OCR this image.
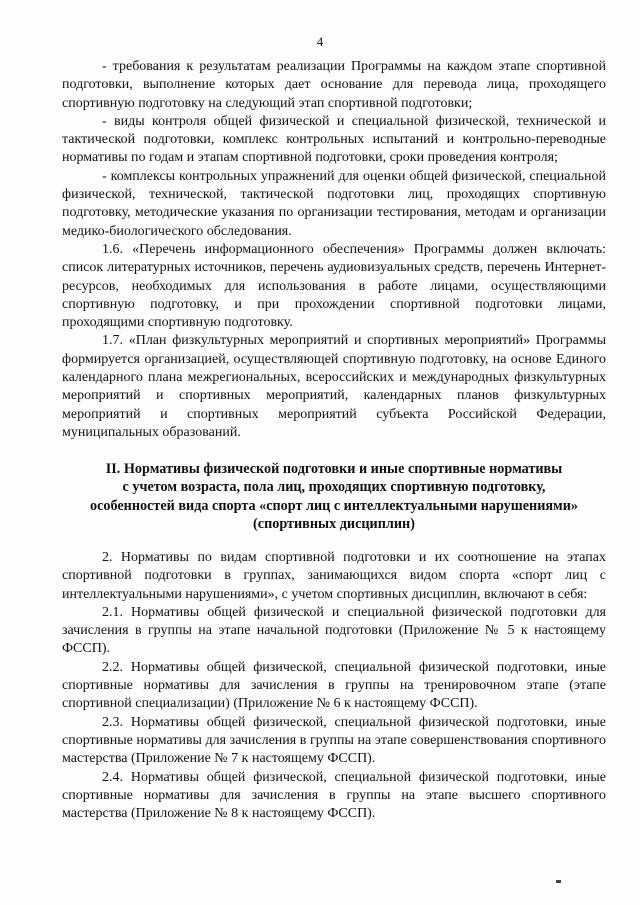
4

- требования к результатам реализации Программы на каждом этапе спортивной подготовки, выполнение которых дает основание для перевода лица, проходящего спортивную подготовку на следующий этап спортивной подготовки;

- виды контроля общей физической и специальной физической, технической и тактической подготовки, комплекс контрольных испытаний и контрольно-переводные нормативы по годам и этапам спортивной подготовки, сроки проведения контроля;

- комплексы контрольных упражнений для оценки общей физической, специальной физической, технической, тактической подготовки лиц, проходящих спортивную подготовку, методические указания по организации тестирования, методам и организации медико-биологического обследования.

1.6. «Перечень информационного обеспечения» Программы должен включать: список литературных источников, перечень аудиовизуальных средств, перечень Интернет-ресурсов, необходимых для использования в работе лицами, осуществляющими спортивную подготовку, и при прохождении спортивной подготовки лицами, проходящими спортивную подготовку.

1.7. «План физкультурных мероприятий и спортивных мероприятий» Программы формируется организацией, осуществляющей спортивную подготовку, на основе Единого календарного плана межрегиональных, всероссийских и международных физкультурных мероприятий и спортивных мероприятий, календарных планов физкультурных мероприятий и спортивных мероприятий субъекта Российской Федерации, муниципальных образований.

II. Нормативы физической подготовки и иные спортивные нормативы
с учетом возраста, пола лиц, проходящих спортивную подготовку,
особенностей вида спорта «спорт лиц с интеллектуальными нарушениями»
(спортивных дисциплин)

2. Нормативы по видам спортивной подготовки и их соотношение на этапах спортивной подготовки в группах, занимающихся видом спорта «спорт лиц с интеллектуальными нарушениями», с учетом спортивных дисциплин, включают в себя:

2.1. Нормативы общей физической и специальной физической подготовки для зачисления в группы на этапе начальной подготовки (Приложение № 5 к настоящему ФССП).

2.2. Нормативы общей физической, специальной физической подготовки, иные спортивные нормативы для зачисления в группы на тренировочном этапе (этапе спортивной специализации) (Приложение № 6 к настоящему ФССП).

2.3. Нормативы общей физической, специальной физической подготовки, иные спортивные нормативы для зачисления в группы на этапе совершенствования спортивного мастерства (Приложение № 7 к настоящему ФССП).

2.4. Нормативы общей физической, специальной физической подготовки, иные спортивные нормативы для зачисления в группы на этапе высшего спортивного мастерства (Приложение № 8 к настоящему ФССП).
